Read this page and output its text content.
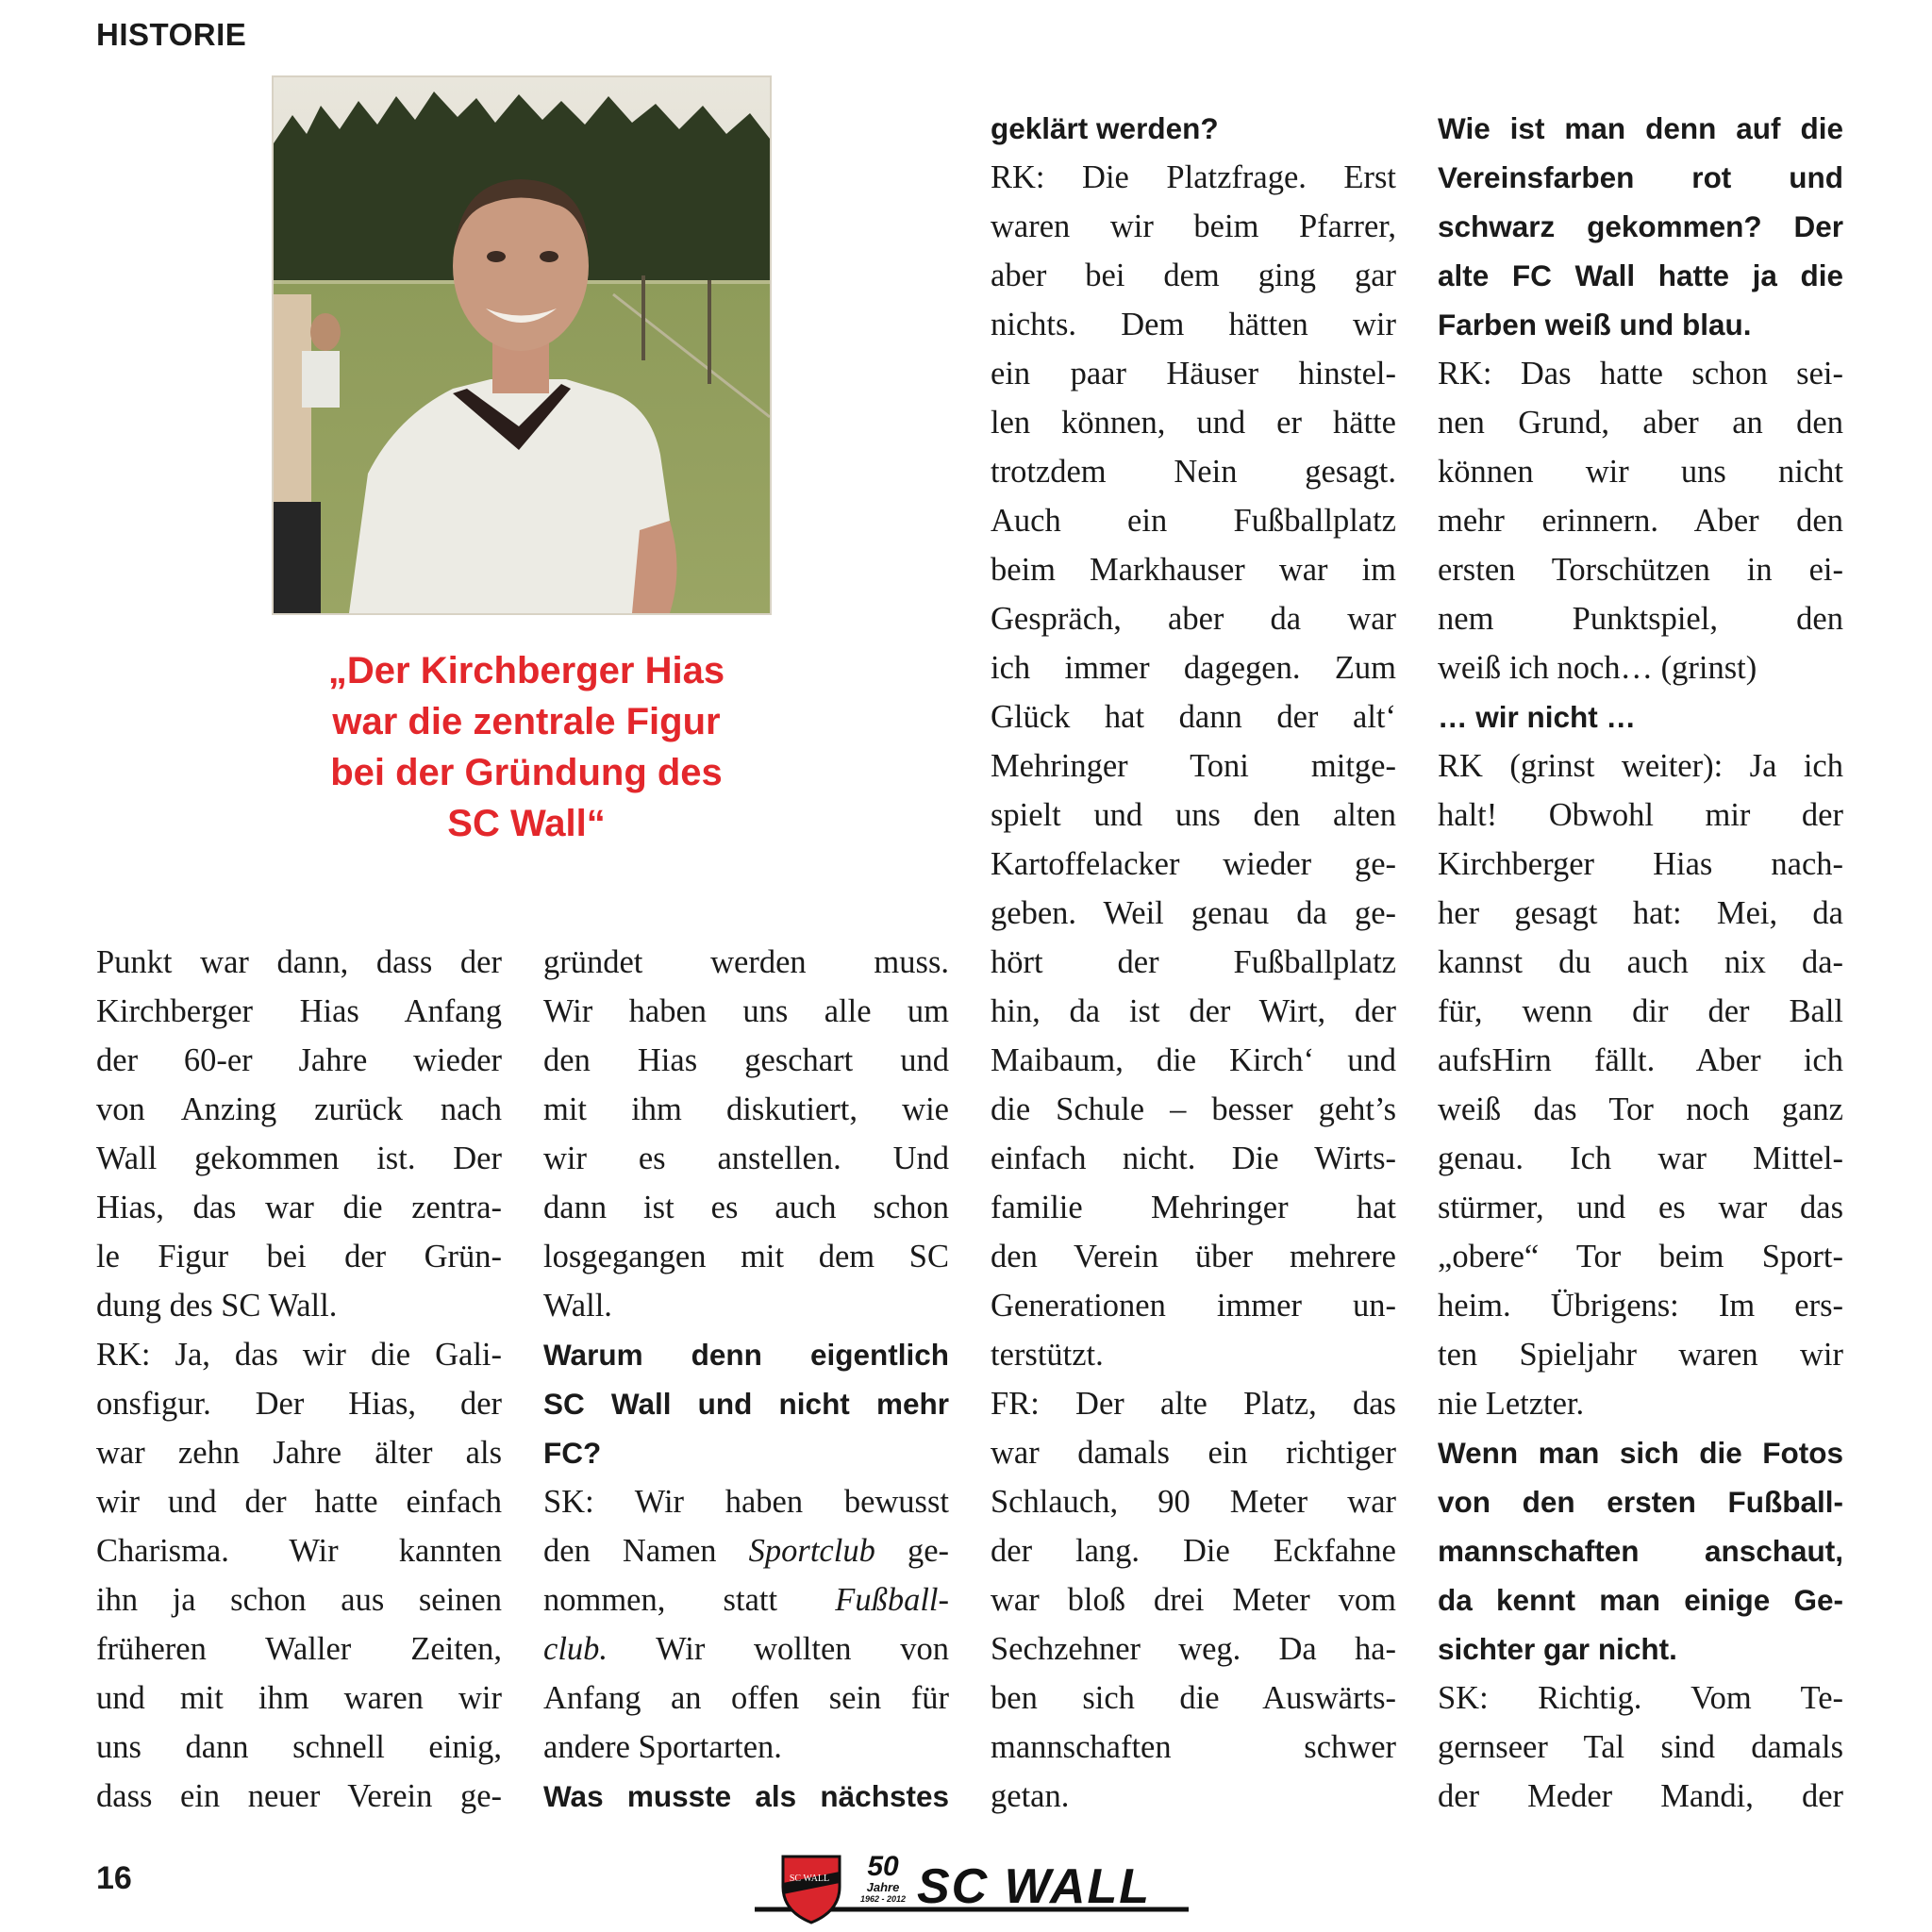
HISTORIE
„Der Kirchberger Hias
war die zentrale Figur
bei der Gründung des
SC Wall“

Punkt war dann, dass der
Kirchberger Hias Anfang
der 60-er Jahre wieder
von Anzing zurück nach
Wall gekommen ist. Der
Hias, das war die zentra-
le Figur bei der Grün-
dung des SC Wall.

RK: Ja, das wir die Gali-
onsfigur. Der Hias, der
war zehn Jahre älter als
wir und der hatte einfach
Charisma. Wir kannten
ihn ja schon aus seinen
früheren Waller Zeiten,
und mit ihm waren wir
uns dann schnell einig,
dass ein neuer Verein ge-

gründet werden muss.
Wir haben uns alle um
den Hias geschart und
mit ihm diskutiert, wie
wir es anstellen. Und
dann ist es auch schon
losgegangen mit dem SC
Wall.

Warum denn eigentlich
SC Wall und nicht mehr
FC?

SK: Wir haben bewusst
den Namen Sportclub ge-
nommen, statt Fußball-
club. Wir wollten von
Anfang an offen sein für
andere Sportarten.

Was musste als nächstes

geklärt werden?

RK: Die Platzfrage. Erst
waren wir beim Pfarrer,
aber bei dem ging gar
nichts. Dem hätten wir
ein paar Häuser hinstel-
len können, und er hätte
trotzdem Nein gesagt.
Auch ein Fußballplatz
beim Markhauser war im
Gespräch, aber da war
ich immer dagegen. Zum
Glück hat dann der alt‘
Mehringer Toni mitge-
spielt und uns den alten
Kartoffelacker wieder ge-
geben. Weil genau da ge-
hört der Fußballplatz
hin, da ist der Wirt, der
Maibaum, die Kirch‘ und
die Schule – besser geht’s
einfach nicht. Die Wirts-
familie Mehringer hat
den Verein über mehrere
Generationen immer un-
terstützt.

FR: Der alte Platz, das
war damals ein richtiger
Schlauch, 90 Meter war
der lang. Die Eckfahne
war bloß drei Meter vom
Sechzehner weg. Da ha-
ben sich die Auswärts-
mannschaften schwer
getan.

Wie ist man denn auf die
Vereinsfarben rot und
schwarz gekommen? Der
alte FC Wall hatte ja die
Farben weiß und blau.

RK: Das hatte schon sei-
nen Grund, aber an den
können wir uns nicht
mehr erinnern. Aber den
ersten Torschützen in ei-
nem Punktspiel, den
weiß ich noch… (grinst)

… wir nicht …

RK (grinst weiter): Ja ich
halt! Obwohl mir der
Kirchberger Hias nach-
her gesagt hat: Mei, da
kannst du auch nix da-
für, wenn dir der Ball
aufsHirn fällt. Aber ich
weiß das Tor noch ganz
genau. Ich war Mittel-
stürmer, und es war das
„obere“ Tor beim Sport-
heim. Übrigens: Im ers-
ten Spieljahr waren wir
nie Letzter.

Wenn man sich die Fotos
von den ersten Fußball-
mannschaften anschaut,
da kennt man einige Ge-
sichter gar nicht.

SK: Richtig. Vom Te-
gernseer Tal sind damals
der Meder Mandi, der

16	SC WALL	50
Jahre
1962 - 2012 SC WALL
